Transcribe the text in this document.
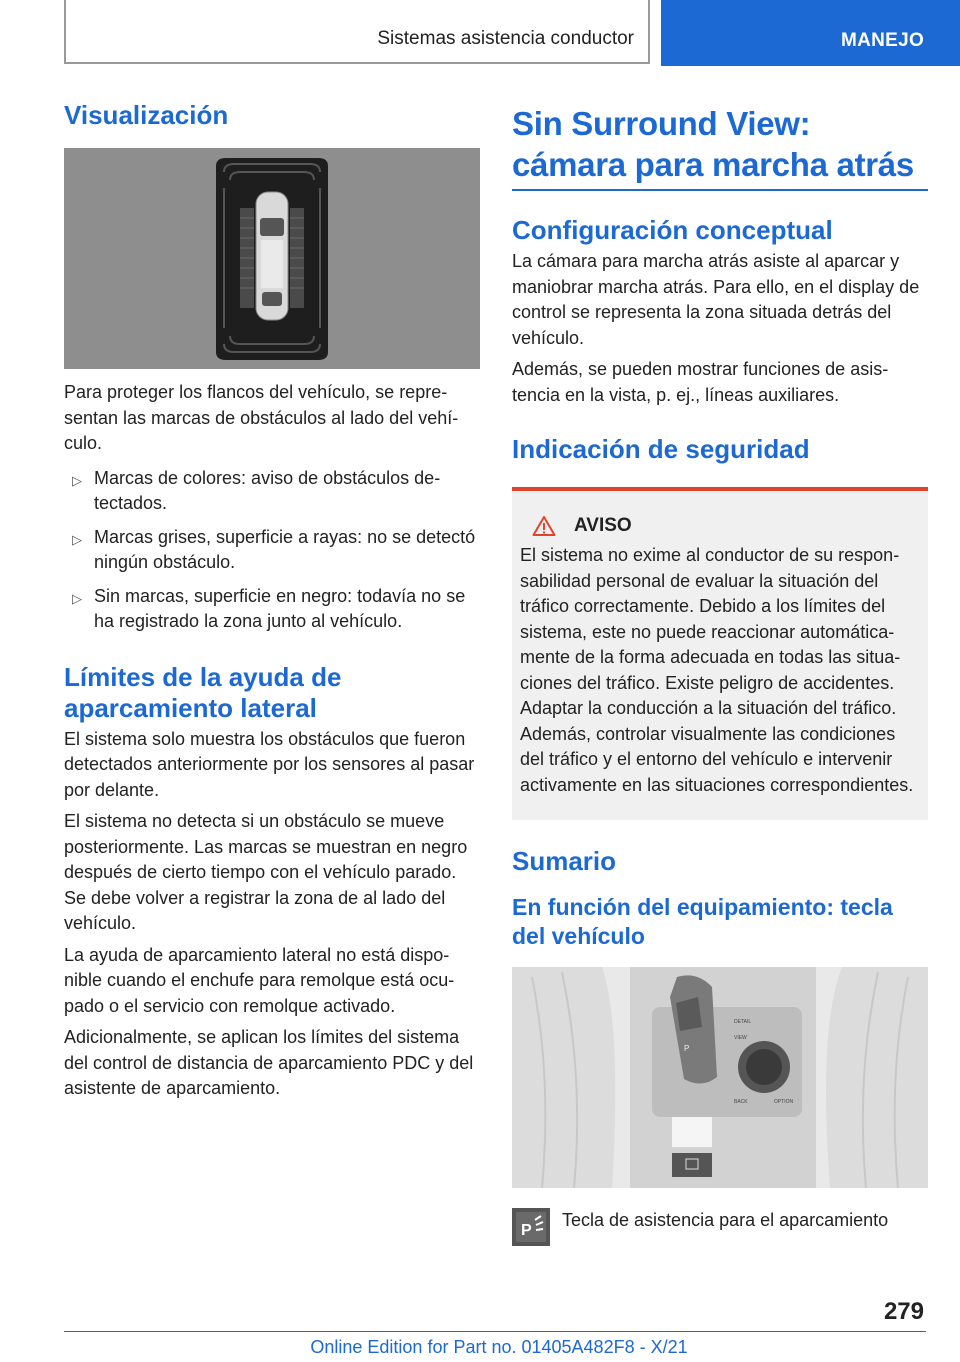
Sistemas asistencia conductor	MANEJO
Visualización

Para proteger los flancos del vehículo, se representan las marcas de obstáculos al lado del vehículo.

▷ Marcas de colores: aviso de obstáculos detectados.
▷ Marcas grises, superficie a rayas: no se detectó ningún obstáculo.
▷ Sin marcas, superficie en negro: todavía no se ha registrado la zona junto al vehículo.
Límites de la ayuda de aparcamiento lateral

El sistema solo muestra los obstáculos que fueron detectados anteriormente por los sensores al pasar por delante.

El sistema no detecta si un obstáculo se mueve posteriormente. Las marcas se muestran en negro después de cierto tiempo con el vehículo parado. Se debe volver a registrar la zona de al lado del vehículo.

La ayuda de aparcamiento lateral no está disponible cuando el enchufe para remolque está ocupado o el servicio con remolque activado.

Adicionalmente, se aplican los límites del sistema del control de distancia de aparcamiento PDC y del asistente de aparcamiento.

Sin Surround View: cámara para marcha atrás
Configuración conceptual

La cámara para marcha atrás asiste al aparcar y maniobrar marcha atrás. Para ello, en el display de control se representa la zona situada detrás del vehículo.

Además, se pueden mostrar funciones de asistencia en la vista, p. ej., líneas auxiliares.

Indicación de seguridad
AVISO

El sistema no exime al conductor de su responsabilidad personal de evaluar la situación del tráfico correctamente. Debido a los límites del sistema, este no puede reaccionar automáticamente de la forma adecuada en todas las situaciones del tráfico. Existe peligro de accidentes. Adaptar la conducción a la situación del tráfico. Además, controlar visualmente las condiciones del tráfico y el entorno del vehículo e intervenir activamente en las situaciones correspondientes.

Sumario
En función del equipamiento: tecla del vehículo
P
DETAIL
VIEW
BACK	OPTION
P
Tecla de asistencia para el aparcamiento
279
Online Edition for Part no. 01405A482F8 - X/21
